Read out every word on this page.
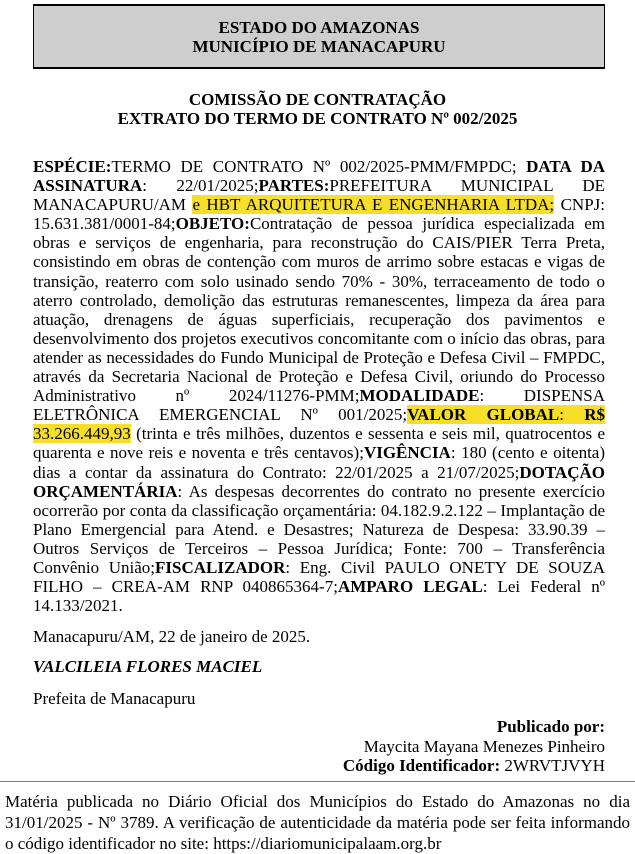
ESTADO DO AMAZONAS
MUNICÍPIO DE MANACAPURU
COMISSÃO DE CONTRATAÇÃO
EXTRATO DO TERMO DE CONTRATO Nº 002/2025

ESPÉCIE:TERMO DE CONTRATO Nº 002/2025-PMM/FMPDC; DATA DA ASSINATURA: 22/01/2025;PARTES:PREFEITURA MUNICIPAL DE MANACAPURU/AM e HBT ARQUITETURA E ENGENHARIA LTDA; CNPJ: 15.631.381/0001-84;OBJETO:Contratação de pessoa jurídica especializada em obras e serviços de engenharia, para reconstrução do CAIS/PIER Terra Preta, consistindo em obras de contenção com muros de arrimo sobre estacas e vigas de transição, reaterro com solo usinado sendo 70% - 30%, terraceamento de todo o aterro controlado, demolição das estruturas remanescentes, limpeza da área para atuação, drenagens de águas superficiais, recuperação dos pavimentos e desenvolvimento dos projetos executivos concomitante com o início das obras, para atender as necessidades do Fundo Municipal de Proteção e Defesa Civil – FMPDC, através da Secretaria Nacional de Proteção e Defesa Civil, oriundo do Processo Administrativo nº 2024/11276-PMM;MODALIDADE: DISPENSA ELETRÔNICA EMERGENCIAL Nº 001/2025;VALOR GLOBAL: R$ 33.266.449,93 (trinta e três milhões, duzentos e sessenta e seis mil, quatrocentos e quarenta e nove reis e noventa e três centavos);VIGÊNCIA: 180 (cento e oitenta) dias a contar da assinatura do Contrato: 22/01/2025 a 21/07/2025;DOTAÇÃO ORÇAMENTÁRIA: As despesas decorrentes do contrato no presente exercício ocorrerão por conta da classificação orçamentária: 04.182.9.2.122 – Implantação de Plano Emergencial para Atend. e Desastres; Natureza de Despesa: 33.90.39 – Outros Serviços de Terceiros – Pessoa Jurídica; Fonte: 700 – Transferência Convênio União;FISCALIZADOR: Eng. Civil PAULO ONETY DE SOUZA FILHO – CREA-AM RNP 040865364-7;AMPARO LEGAL: Lei Federal nº 14.133/2021.

Manacapuru/AM, 22 de janeiro de 2025.

VALCILEIA FLORES MACIEL

Prefeita de Manacapuru

Publicado por:
Maycita Mayana Menezes Pinheiro
Código Identificador: 2WRVTJVYH

Matéria publicada no Diário Oficial dos Municípios do Estado do Amazonas no dia 31/01/2025 - Nº 3789. A verificação de autenticidade da matéria pode ser feita informando o código identificador no site: https://diariomunicipalaam.org.br
